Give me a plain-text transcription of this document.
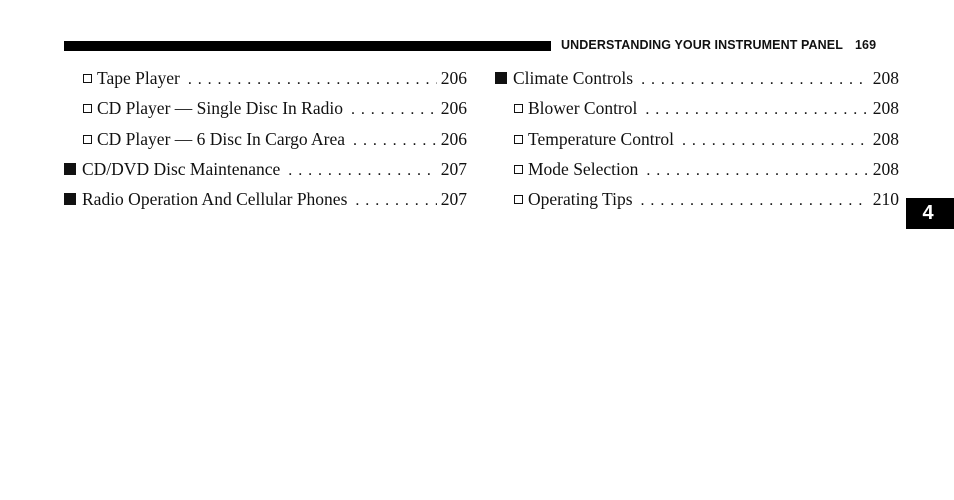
UNDERSTANDING YOUR INSTRUMENT PANEL 169
Tape Player . . .	206
CD Player — Single Disc In Radio . . .	206
CD Player — 6 Disc In Cargo Area . . .	206
CD/DVD Disc Maintenance . . .	207
Radio Operation And Cellular Phones . . .	207
Climate Controls . . .	208
Blower Control . . .	208
Temperature Control . . .	208
Mode Selection . . .	208
Operating Tips . . .	210
4
